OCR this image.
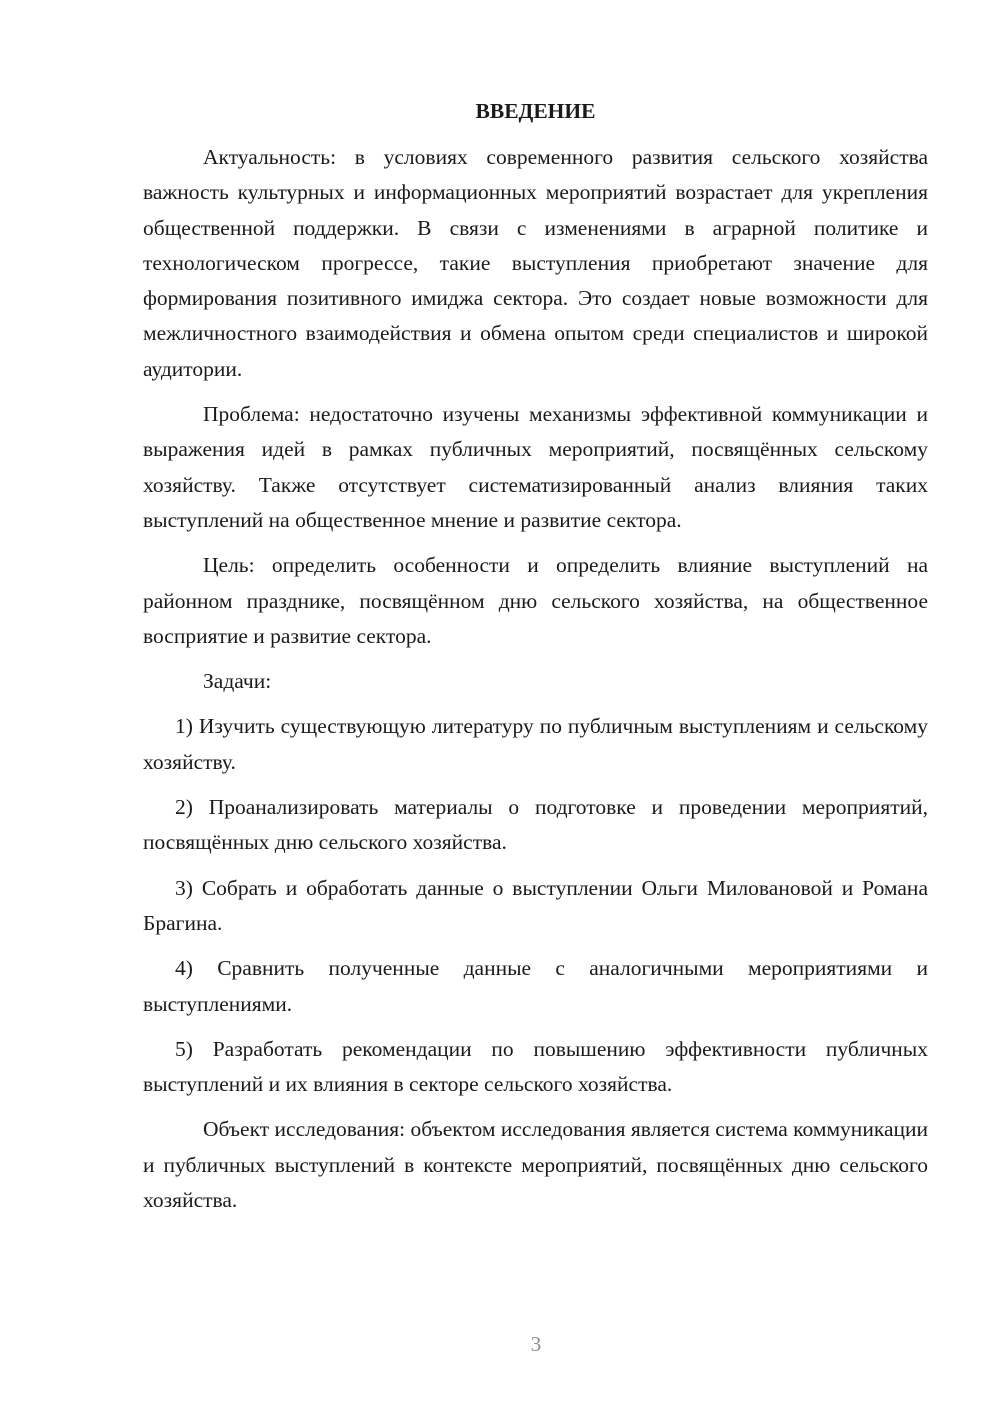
ВВЕДЕНИЕ

Актуальность: в условиях современного развития сельского хозяйства важность культурных и информационных мероприятий возрастает для укрепления общественной поддержки. В связи с изменениями в аграрной политике и технологическом прогрессе, такие выступления приобретают значение для формирования позитивного имиджа сектора. Это создает новые возможности для межличностного взаимодействия и обмена опытом среди специалистов и широкой аудитории.

Проблема: недостаточно изучены механизмы эффективной коммуникации и выражения идей в рамках публичных мероприятий, посвящённых сельскому хозяйству. Также отсутствует систематизированный анализ влияния таких выступлений на общественное мнение и развитие сектора.

Цель: определить особенности и определить влияние выступлений на районном празднике, посвящённом дню сельского хозяйства, на общественное восприятие и развитие сектора.

Задачи:

1) Изучить существующую литературу по публичным выступлениям и сельскому хозяйству.

2) Проанализировать материалы о подготовке и проведении мероприятий, посвящённых дню сельского хозяйства.

3) Собрать и обработать данные о выступлении Ольги Миловановой и Романа Брагина.

4) Сравнить полученные данные с аналогичными мероприятиями и выступлениями.

5) Разработать рекомендации по повышению эффективности публичных выступлений и их влияния в секторе сельского хозяйства.

Объект исследования: объектом исследования является система коммуникации и публичных выступлений в контексте мероприятий, посвящённых дню сельского хозяйства.

3
